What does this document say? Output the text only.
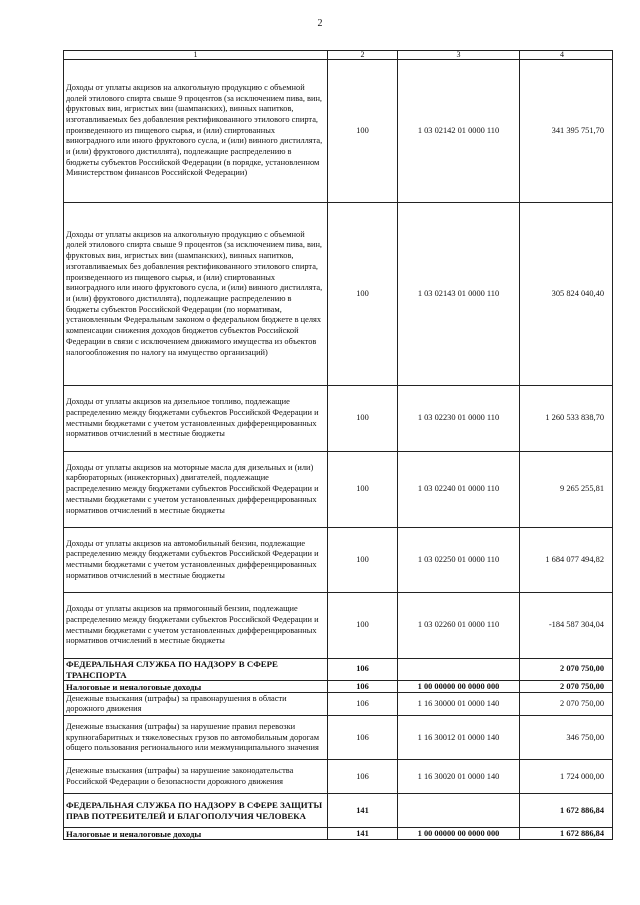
2
1	2	3	4
Доходы от уплаты акцизов на алкогольную продукцию с объемной долей этилового спирта свыше 9 процентов (за исключением пива, вин, фруктовых вин, игристых вин (шампанских), винных напитков, изготавливаемых без добавления ректификованного этилового спирта, произведенного из пищевого сырья, и (или) спиртованных виноградного или иного фруктового сусла, и (или) винного дистиллята, и (или) фруктового дистиллята), подлежащие распределению в бюджеты субъектов Российской Федерации (в порядке, установленном Министерством финансов Российской Федерации)	100	1 03 02142 01 0000 110	341 395 751,70
Доходы от уплаты акцизов на алкогольную продукцию с объемной долей этилового спирта свыше 9 процентов (за исключением пива, вин, фруктовых вин, игристых вин (шампанских), винных напитков, изготавливаемых без добавления ректификованного этилового спирта, произведенного из пищевого сырья, и (или) спиртованных виноградного или иного фруктового сусла, и (или) винного дистиллята, и (или) фруктового дистиллята), подлежащие распределению в бюджеты субъектов Российской Федерации (по нормативам, установленным Федеральным законом о федеральном бюджете в целях компенсации снижения доходов бюджетов субъектов Российской Федерации в связи с исключением движимого имущества из объектов налогообложения по налогу на имущество организаций)	100	1 03 02143 01 0000 110	305 824 040,40
Доходы от уплаты акцизов на дизельное топливо, подлежащие распределению между бюджетами субъектов Российской Федерации и местными бюджетами с учетом установленных дифференцированных нормативов отчислений в местные бюджеты	100	1 03 02230 01 0000 110	1 260 533 838,70
Доходы от уплаты акцизов на моторные масла для дизельных и (или) карбюраторных (инжекторных) двигателей, подлежащие распределению между бюджетами субъектов Российской Федерации и местными бюджетами с учетом установленных дифференцированных нормативов отчислений в местные бюджеты	100	1 03 02240 01 0000 110	9 265 255,81
Доходы от уплаты акцизов на автомобильный бензин, подлежащие распределению между бюджетами субъектов Российской Федерации и местными бюджетами с учетом установленных дифференцированных нормативов отчислений в местные бюджеты	100	1 03 02250 01 0000 110	1 684 077 494,82
Доходы от уплаты акцизов на прямогонный бензин, подлежащие распределению между бюджетами субъектов Российской Федерации и местными бюджетами с учетом установленных дифференцированных нормативов отчислений в местные бюджеты	100	1 03 02260 01 0000 110	-184 587 304,04
ФЕДЕРАЛЬНАЯ СЛУЖБА ПО НАДЗОРУ В СФЕРЕ ТРАНСПОРТА	106		2 070 750,00
Налоговые и неналоговые доходы	106	1 00 00000 00 0000 000	2 070 750,00
Денежные взыскания (штрафы) за правонарушения в области дорожного движения	106	1 16 30000 01 0000 140	2 070 750,00
Денежные взыскания (штрафы) за нарушение правил перевозки крупногабаритных и тяжеловесных грузов по автомобильным дорогам общего пользования регионального или межмуниципального значения	106	1 16 30012 01 0000 140	346 750,00
Денежные взыскания (штрафы) за нарушение законодательства Российской Федерации о безопасности дорожного движения	106	1 16 30020 01 0000 140	1 724 000,00
ФЕДЕРАЛЬНАЯ СЛУЖБА ПО НАДЗОРУ В СФЕРЕ ЗАЩИТЫ ПРАВ ПОТРЕБИТЕЛЕЙ И БЛАГОПОЛУЧИЯ ЧЕЛОВЕКА	141		1 672 886,84
Налоговые и неналоговые доходы	141	1 00 00000 00 0000 000	1 672 886,84
